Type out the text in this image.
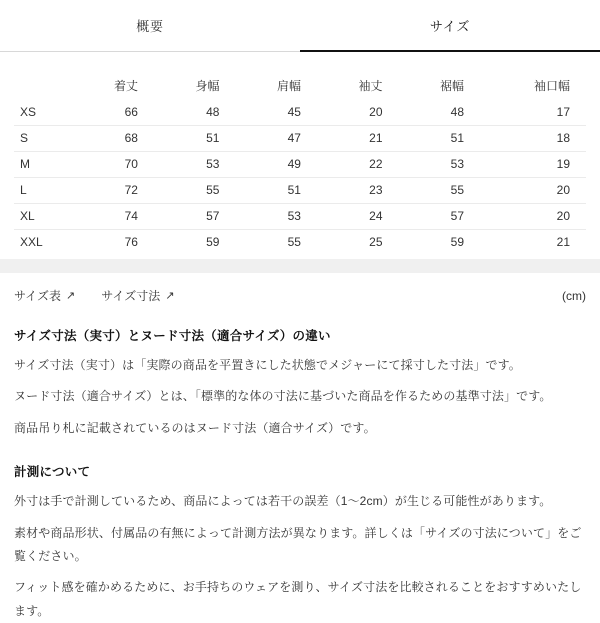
概要	サイズ
	着丈	身幅	肩幅	袖丈	裾幅	袖口幅
XS	66	48	45	20	48	17
S	68	51	47	21	51	18
M	70	53	49	22	53	19
L	72	55	51	23	55	20
XL	74	57	53	24	57	20
XXL	76	59	55	25	59	21
サイズ表 ↗ サイズ寸法 ↗	(cm)
サイズ寸法（実寸）とヌード寸法（適合サイズ）の違い

サイズ寸法（実寸）は「実際の商品を平置きにした状態でメジャーにて採寸した寸法」です。

ヌード寸法（適合サイズ）とは、「標準的な体の寸法に基づいた商品を作るための基準寸法」です。

商品吊り札に記載されているのはヌード寸法（適合サイズ）です。

計測について

外寸は手で計測しているため、商品によっては若干の誤差（1〜2cm）が生じる可能性があります。

素材や商品形状、付属品の有無によって計測方法が異なります。詳しくは「サイズの寸法について」をご覧ください。

フィット感を確かめるために、お手持ちのウェアを測り、サイズ寸法を比較されることをおすすめいたします。
